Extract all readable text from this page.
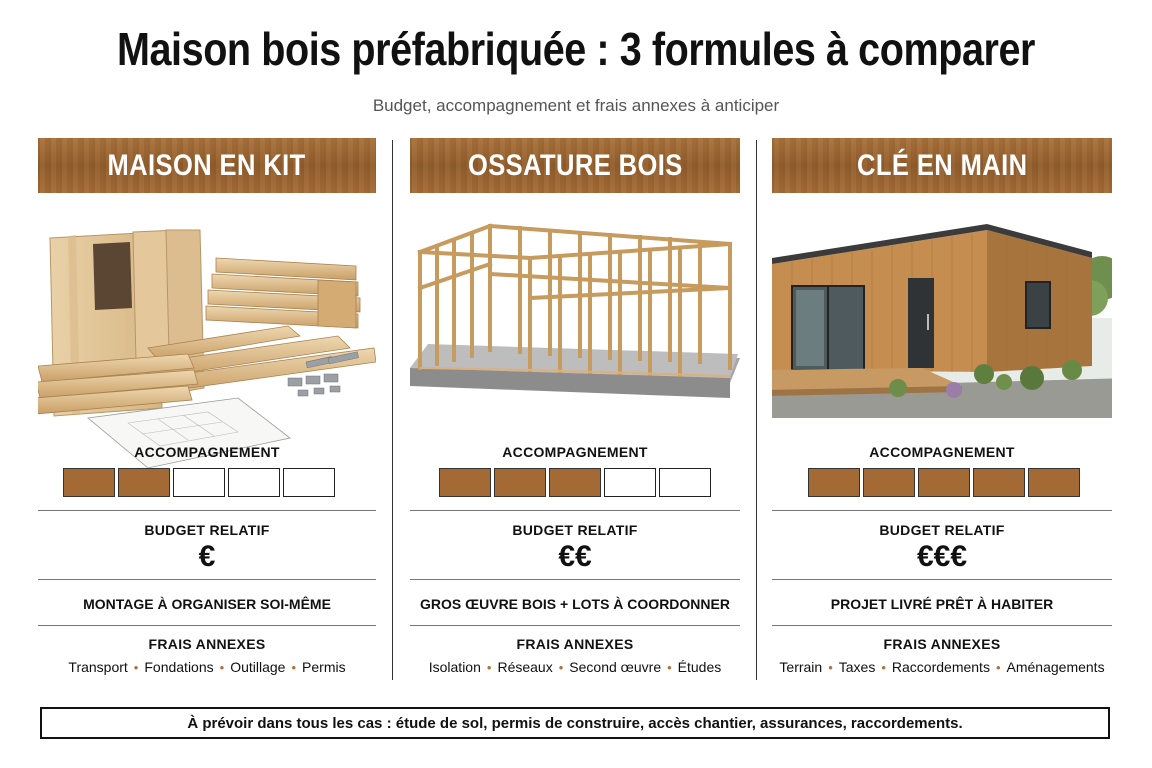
Maison bois préfabriquée : 3 formules à comparer
Budget, accompagnement et frais annexes à anticiper
MAISON EN KIT
ACCOMPAGNEMENT
BUDGET RELATIF
€
MONTAGE À ORGANISER SOI-MÊME
FRAIS ANNEXES
Transport • Fondations • Outillage • Permis
OSSATURE BOIS
ACCOMPAGNEMENT
BUDGET RELATIF
€€
GROS ŒUVRE BOIS + LOTS À COORDONNER
FRAIS ANNEXES
Isolation • Réseaux • Second œuvre • Études
CLÉ EN MAIN
ACCOMPAGNEMENT
BUDGET RELATIF
€€€
PROJET LIVRÉ PRÊT À HABITER
FRAIS ANNEXES
Terrain • Taxes • Raccordements • Aménagements
À prévoir dans tous les cas : étude de sol, permis de construire, accès chantier, assurances, raccordements.
